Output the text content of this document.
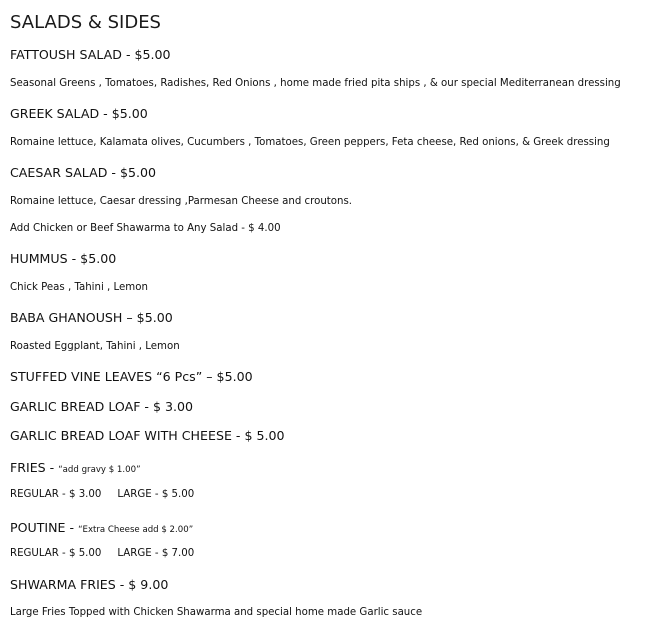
SALADS & SIDES
FATTOUSH SALAD - $5.00
Seasonal Greens , Tomatoes, Radishes, Red Onions , home made fried pita ships , & our special Mediterranean dressing
GREEK SALAD - $5.00
Romaine lettuce, Kalamata olives, Cucumbers , Tomatoes, Green peppers, Feta cheese, Red onions, & Greek dressing
CAESAR SALAD - $5.00
Romaine lettuce, Caesar dressing ,Parmesan Cheese and croutons.
Add Chicken or Beef Shawarma to Any Salad - $ 4.00
HUMMUS - $5.00
Chick Peas , Tahini , Lemon
BABA GHANOUSH – $5.00
Roasted Eggplant, Tahini , Lemon
STUFFED VINE LEAVES “6 Pcs” – $5.00
GARLIC BREAD LOAF - $ 3.00
GARLIC BREAD LOAF WITH CHEESE - $ 5.00
FRIES - “add gravy $ 1.00”
REGULAR - $ 3.00 LARGE - $ 5.00
POUTINE - “Extra Cheese add $ 2.00”
REGULAR - $ 5.00 LARGE - $ 7.00
SHWARMA FRIES - $ 9.00
Large Fries Topped with Chicken Shawarma and special home made Garlic sauce
